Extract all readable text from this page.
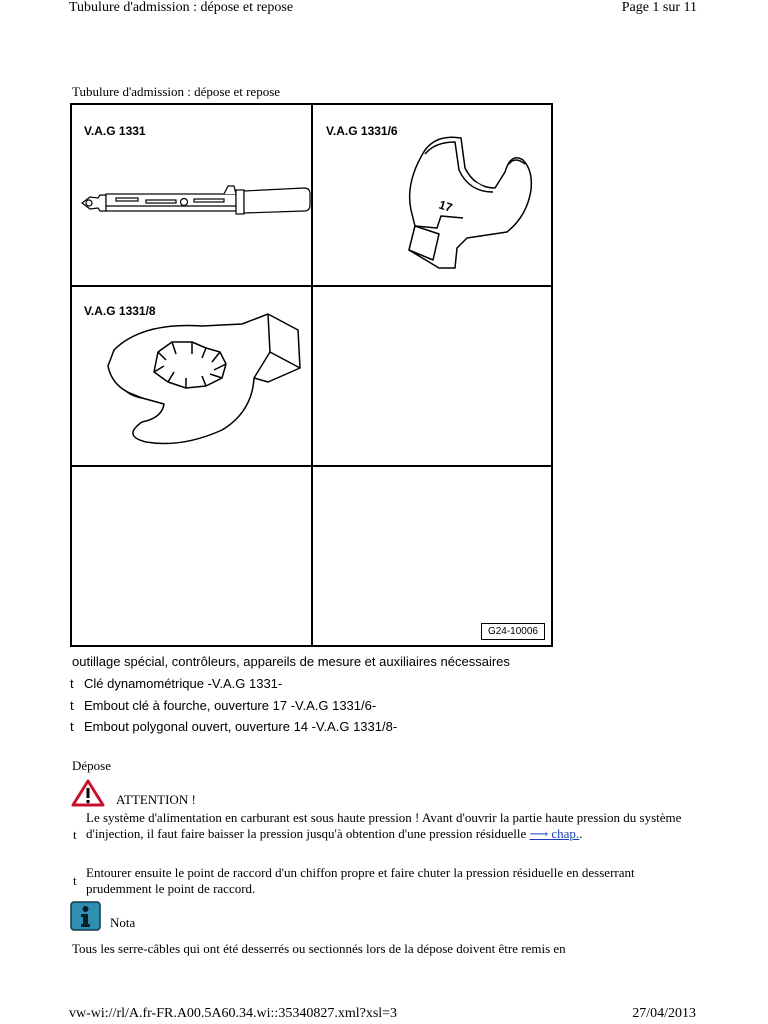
Tubulure d'admission : dépose et repose	Page 1 sur 11
Tubulure d'admission : dépose et repose
V.A.G 1331	V.A.G 1331/6
17
V.A.G 1331/8
G24-10006
outillage spécial, contrôleurs, appareils de mesure et auxiliaires nécessaires
t Clé dynamométrique -V.A.G 1331-
t Embout clé à fourche, ouverture 17 -V.A.G 1331/6-
t Embout polygonal ouvert, ouverture 14 -V.A.G 1331/8-
Dépose
ATTENTION !
t
Le système d'alimentation en carburant est sous haute pression ! Avant d'ouvrir la partie haute pression du système d'injection, il faut faire baisser la pression jusqu'à obtention d'une pression résiduelle ⟶ chap..
t
Entourer ensuite le point de raccord d'un chiffon propre et faire chuter la pression résiduelle en desserrant prudemment le point de raccord.
Nota
Tous les serre-câbles qui ont été desserrés ou sectionnés lors de la dépose doivent être remis en
vw-wi://rl/A.fr-FR.A00.5A60.34.wi::35340827.xml?xsl=3	27/04/2013
